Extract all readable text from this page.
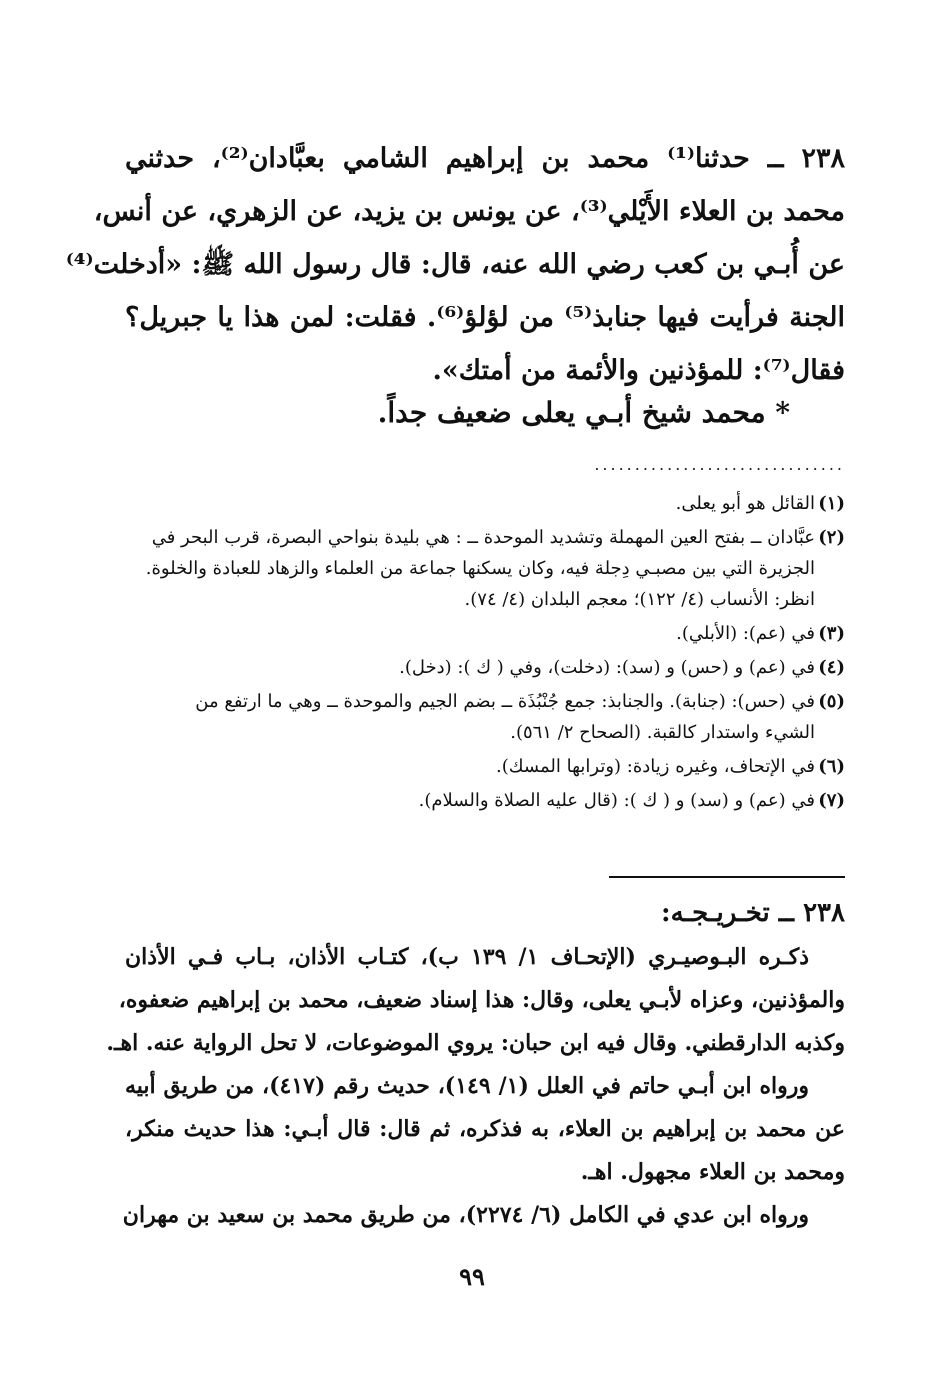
٢٣٨ ــ حدثنا⁽¹⁾ محمد بن إبراهيم الشامي بعبَّادان⁽²⁾، حدثني
محمد بن العلاء الأَيْلي⁽³⁾، عن يونس بن يزيد، عن الزهري، عن أنس،
عن أُبـي بن كعب رضي الله عنه، قال: قال رسول الله ﷺ: «أدخلت⁽⁴⁾
الجنة فرأيت فيها جنابذ⁽⁵⁾ من لؤلؤ⁽⁶⁾. فقلت: لمن هذا يا جبريل؟
فقال⁽⁷⁾: للمؤذنين والأئمة من أمتك».
* محمد شيخ أبـي يعلى ضعيف جداً.
...............................
(١)
القائل هو أبو يعلى.
(٢)
عبَّادان ــ بفتح العين المهملة وتشديد الموحدة ــ : هي بليدة بنواحي البصرة، قرب البحر في
الجزيرة التي بين مصبـي دِجلة فيه، وكان يسكنها جماعة من العلماء والزهاد للعبادة والخلوة.
انظر: الأنساب (٤/ ١٢٢)؛ معجم البلدان (٤/ ٧٤).
(٣)
في (عم): (الأبلي).
(٤)
في (عم) و (حس) و (سد): (دخلت)، وفي ( ك ): (دخل).
(٥)
في (حس): (جنابة). والجنابذ: جمع جُنْبُذَة ــ بضم الجيم والموحدة ــ وهي ما ارتفع من
الشيء واستدار كالقبة. (الصحاح ٢/ ٥٦١).
(٦)
في الإتحاف، وغيره زيادة: (وترابها المسك).
(٧)
في (عم) و (سد) و ( ك ): (قال عليه الصلاة والسلام).
٢٣٨ ــ تخـريـجـه:
ذكـره البـوصيـري (الإتحـاف ١/ ١٣٩ ب)، كتـاب الأذان، بـاب فـي الأذان
والمؤذنين، وعزاه لأبـي يعلى، وقال: هذا إسناد ضعيف، محمد بن إبراهيم ضعفوه،
وكذبه الدارقطني. وقال فيه ابن حبان: يروي الموضوعات، لا تحل الرواية عنه. اهـ.
ورواه ابن أبـي حاتم في العلل (١/ ١٤٩)، حديث رقم (٤١٧)، من طريق أبيه
عن محمد بن إبراهيم بن العلاء، به فذكره، ثم قال: قال أبـي: هذا حديث منكر،
ومحمد بن العلاء مجهول. اهـ.
ورواه ابن عدي في الكامل (٦/ ٢٢٧٤)، من طريق محمد بن سعيد بن مهران
٩٩
